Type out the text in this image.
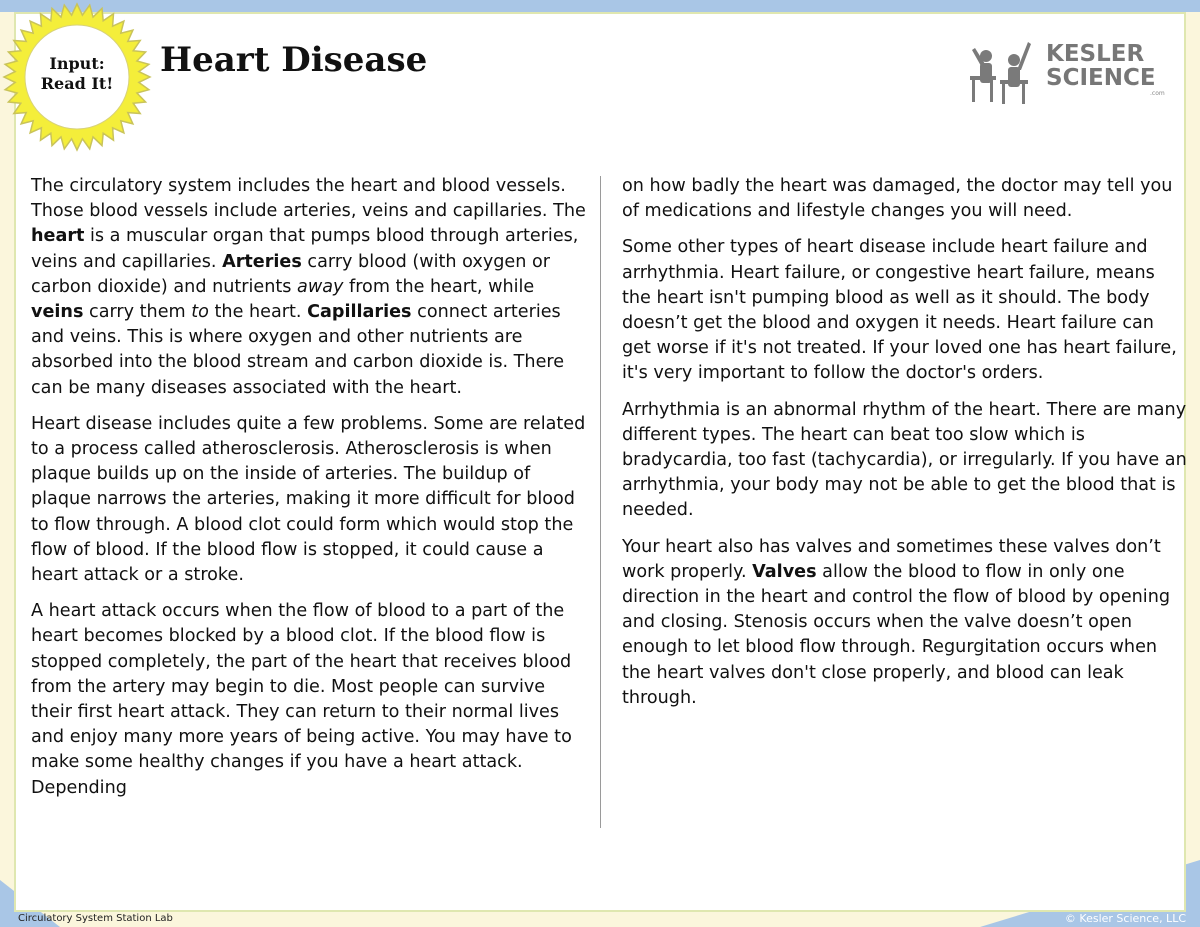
Input:
Read It!
Heart Disease	KESLER
SCIENCE
.com

The circulatory system includes the heart and blood vessels. Those blood vessels include arteries, veins and capillaries. The heart is a muscular organ that pumps blood through arteries, veins and capillaries. Arteries carry blood (with oxygen or carbon dioxide) and nutrients away from the heart, while veins carry them to the heart. Capillaries connect arteries and veins. This is where oxygen and other nutrients are absorbed into the blood stream and carbon dioxide is. There can be many diseases associated with the heart.

Heart disease includes quite a few problems. Some are related to a process called atherosclerosis. Atherosclerosis is when plaque builds up on the inside of arteries. The buildup of plaque narrows the arteries, making it more difficult for blood to flow through. A blood clot could form which would stop the flow of blood. If the blood flow is stopped, it could cause a heart attack or a stroke.

A heart attack occurs when the flow of blood to a part of the heart becomes blocked by a blood clot. If the blood flow is stopped completely, the part of the heart that receives blood from the artery may begin to die. Most people can survive their first heart attack. They can return to their normal lives and enjoy many more years of being active. You may have to make some healthy changes if you have a heart attack. Depending

on how badly the heart was damaged, the doctor may tell you of medications and lifestyle changes you will need.

Some other types of heart disease include heart failure and arrhythmia. Heart failure, or congestive heart failure, means the heart isn't pumping blood as well as it should. The body doesn’t get the blood and oxygen it needs. Heart failure can get worse if it's not treated. If your loved one has heart failure, it's very important to follow the doctor's orders.

Arrhythmia is an abnormal rhythm of the heart. There are many different types. The heart can beat too slow which is bradycardia, too fast (tachycardia), or irregularly. If you have an arrhythmia, your body may not be able to get the blood that is needed.

Your heart also has valves and sometimes these valves don’t work properly. Valves allow the blood to flow in only one direction in the heart and control the flow of blood by opening and closing. Stenosis occurs when the valve doesn’t open enough to let blood flow through. Regurgitation occurs when the heart valves don't close properly, and blood can leak through.

Circulatory System Station Lab	© Kesler Science, LLC
